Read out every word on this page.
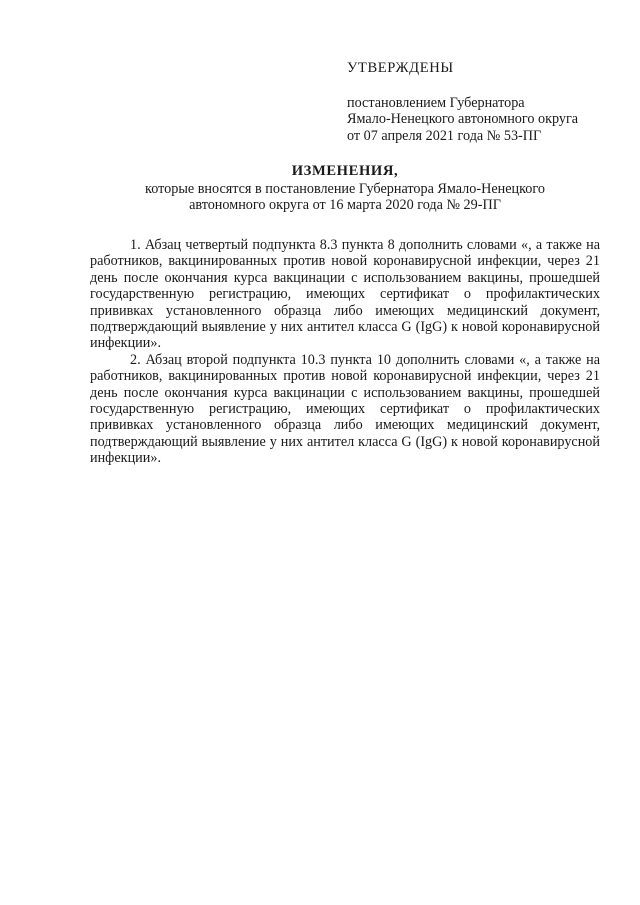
УТВЕРЖДЕНЫ

постановлением Губернатора

Ямало-Ненецкого автономного округа

от 07 апреля 2021 года № 53-ПГ

ИЗМЕНЕНИЯ,

которые вносятся в постановление Губернатора Ямало-Ненецкого

автономного округа от 16 марта 2020 года № 29-ПГ

1. Абзац четвертый подпункта 8.3 пункта 8 дополнить словами «, а также на работников, вакцинированных против новой коронавирусной инфекции, через 21 день после окончания курса вакцинации с использованием вакцины, прошедшей государственную регистрацию, имеющих сертификат о профилактических прививках установленного образца либо имеющих медицинский документ, подтверждающий выявление у них антител класса G (IgG) к новой коронавирусной инфекции».

2. Абзац второй подпункта 10.3 пункта 10 дополнить словами «, а также на работников, вакцинированных против новой коронавирусной инфекции, через 21 день после окончания курса вакцинации с использованием вакцины, прошедшей государственную регистрацию, имеющих сертификат о профилактических прививках установленного образца либо имеющих медицинский документ, подтверждающий выявление у них антител класса G (IgG) к новой коронавирусной инфекции».
